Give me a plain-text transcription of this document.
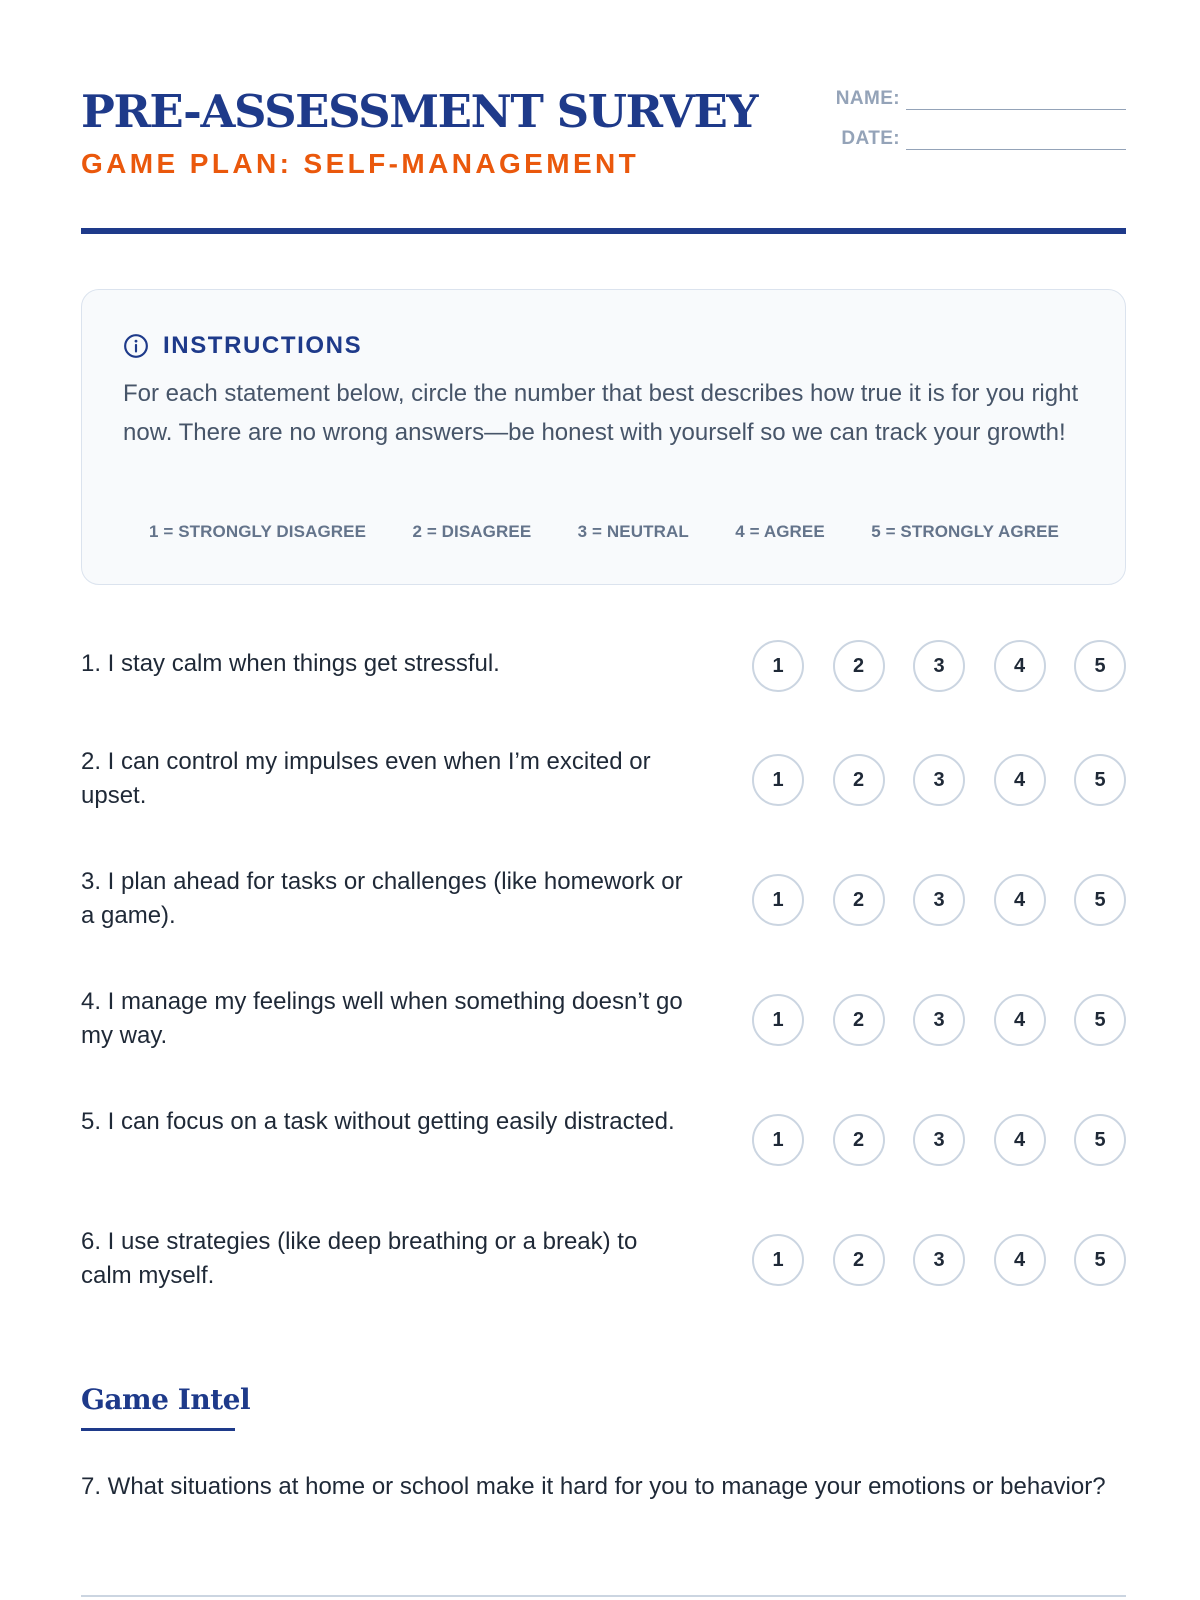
PRE-ASSESSMENT SURVEY
GAME PLAN: SELF-MANAGEMENT
NAME:
DATE:
INSTRUCTIONS
For each statement below, circle the number that best describes how true it is for you right now. There are no wrong answers—be honest with yourself so we can track your growth!
1 = STRONGLY DISAGREE	2 = DISAGREE	3 = NEUTRAL	4 = AGREE	5 = STRONGLY AGREE
1. I stay calm when things get stressful.	1	2	3	4	5
2. I can control my impulses even when I’m excited or upset.
1	2	3	4	5
3. I plan ahead for tasks or challenges (like homework or a game).
1	2	3	4	5
4. I manage my feelings well when something doesn’t go my way.
1	2	3	4	5
5. I can focus on a task without getting easily distracted.
1	2	3	4	5
6. I use strategies (like deep breathing or a break) to calm myself.
1	2	3	4	5
Game Intel
7. What situations at home or school make it hard for you to manage your emotions or behavior?
